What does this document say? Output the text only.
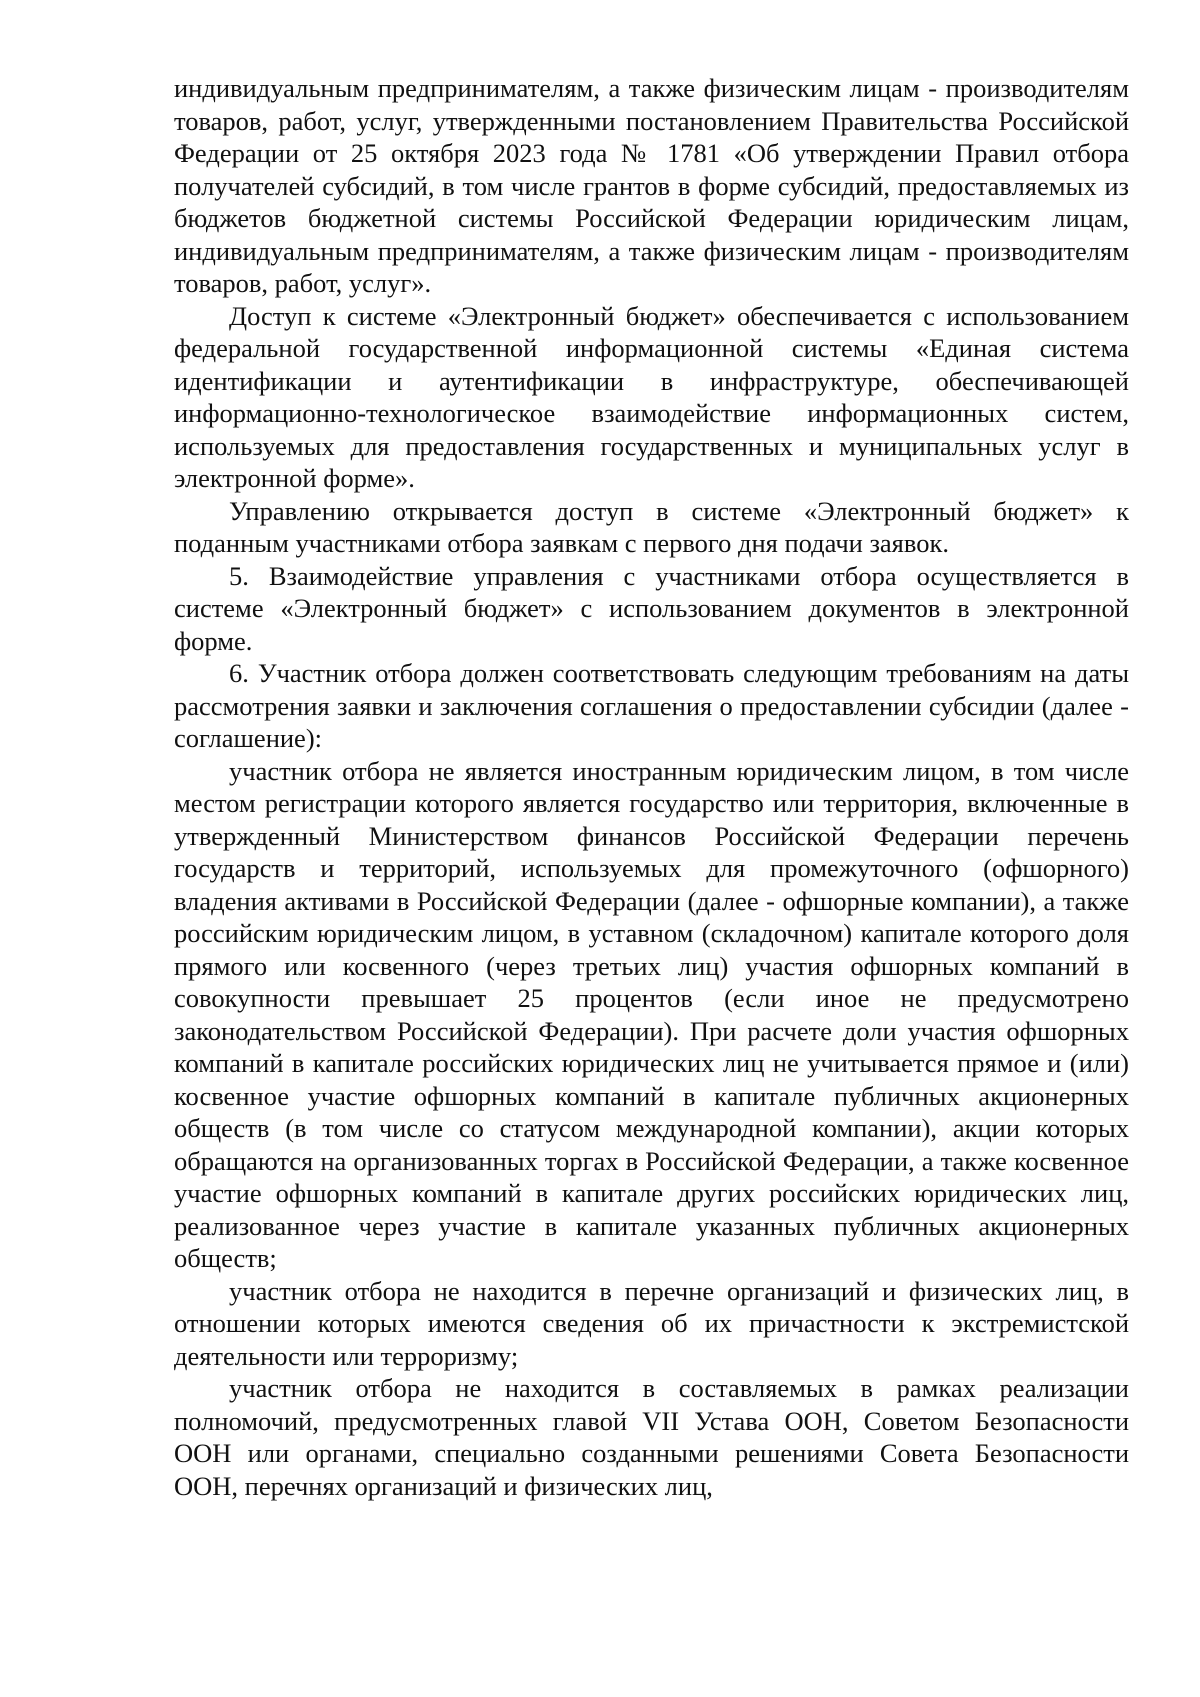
индивидуальным предпринимателям, а также физическим лицам - производителям товаров, работ, услуг, утвержденными постановлением Правительства Российской Федерации от 25 октября 2023 года № 1781 «Об утверждении Правил отбора получателей субсидий, в том числе грантов в форме субсидий, предоставляемых из бюджетов бюджетной системы Российской Федерации юридическим лицам, индивидуальным предпринимателям, а также физическим лицам - производителям товаров, работ, услуг».

Доступ к системе «Электронный бюджет» обеспечивается с использованием федеральной государственной информационной системы «Единая система идентификации и аутентификации в инфраструктуре, обеспечивающей информационно-технологическое взаимодействие информационных систем, используемых для предоставления государственных и муниципальных услуг в электронной форме».

Управлению открывается доступ в системе «Электронный бюджет» к поданным участниками отбора заявкам с первого дня подачи заявок.

5. Взаимодействие управления с участниками отбора осуществляется в системе «Электронный бюджет» с использованием документов в электронной форме.

6. Участник отбора должен соответствовать следующим требованиям на даты рассмотрения заявки и заключения соглашения о предоставлении субсидии (далее - соглашение):

участник отбора не является иностранным юридическим лицом, в том числе местом регистрации которого является государство или территория, включенные в утвержденный Министерством финансов Российской Федерации перечень государств и территорий, используемых для промежуточного (офшорного) владения активами в Российской Федерации (далее - офшорные компании), а также российским юридическим лицом, в уставном (складочном) капитале которого доля прямого или косвенного (через третьих лиц) участия офшорных компаний в совокупности превышает 25 процентов (если иное не предусмотрено законодательством Российской Федерации). При расчете доли участия офшорных компаний в капитале российских юридических лиц не учитывается прямое и (или) косвенное участие офшорных компаний в капитале публичных акционерных обществ (в том числе со статусом международной компании), акции которых обращаются на организованных торгах в Российской Федерации, а также косвенное участие офшорных компаний в капитале других российских юридических лиц, реализованное через участие в капитале указанных публичных акционерных обществ;

участник отбора не находится в перечне организаций и физических лиц, в отношении которых имеются сведения об их причастности к экстремистской деятельности или терроризму;

участник отбора не находится в составляемых в рамках реализации полномочий, предусмотренных главой VII Устава ООН, Советом Безопасности ООН или органами, специально созданными решениями Совета Безопасности ООН, перечнях организаций и физических лиц,
